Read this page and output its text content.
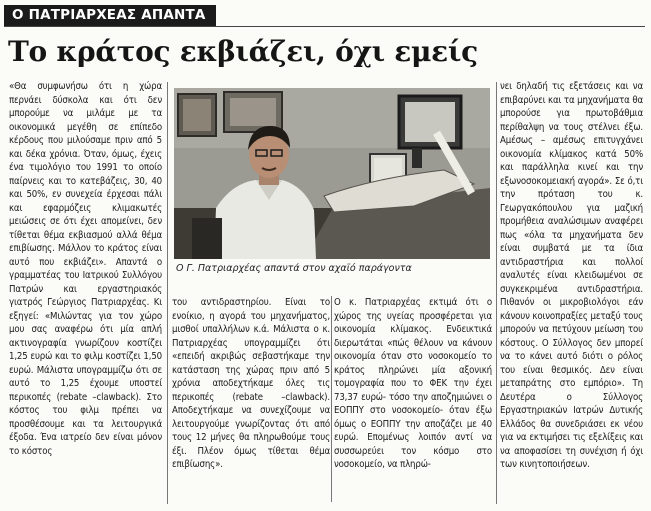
Ο ΠΑΤΡΙΑΡΧΕΑΣ ΑΠΑΝΤΑ
Το κράτος εκβιάζει, όχι εμείς

«Θα συμφωνήσω ότι η χώρα περνάει δύσκολα και ότι δεν μπορούμε να μιλάμε με τα οικονομικά μεγέθη σε επίπεδο κέρδους που μιλούσαμε πριν από 5 και δέκα χρόνια. Όταν, όμως, έχεις ένα τιμολόγιο του 1991 το οποίο παίρνεις και το κατεβάζεις, 30, 40 και 50%, εν συνεχεία έρχεσαι πάλι και εφαρμόζεις κλιμακωτές μειώσεις σε ότι έχει απομείνει, δεν τίθεται θέμα εκβιασμού αλλά θέμα επιβίωσης. Μάλλον το κράτος είναι αυτό που εκβιάζει». Απαντά ο γραμματέας του Ιατρικού Συλλόγου Πατρών και εργαστηριακός γιατρός Γεώργιος Πατριαρχέας. Κι εξηγεί: «Μιλώντας για τον χώρο μου σας αναφέρω ότι μία απλή ακτινογραφία γνωρίζουν κοστίζει 1,25 ευρώ και το φιλμ κοστίζει 1,50 ευρώ. Μάλιστα υπογραμμίζω ότι σε αυτό το 1,25 έχουμε υποστεί περικοπές (rebate –clawback). Στο κόστος του φιλμ πρέπει να προσθέσουμε και τα λειτουργικά έξοδα. Ένα ιατρείο δεν είναι μόνον το κόστος

Ο Γ. Πατριαρχέας απαντά στον αχαϊό παράγοντα

του αντιδραστηρίου. Είναι το ενοίκιο, η αγορά του μηχανήματος, μισθοί υπαλλήλων κ.ά. Μάλιστα ο κ. Πατριαρχέας υπογραμμίζει ότι «επειδή ακριβώς σεβαστήκαμε την κατάσταση της χώρας πριν από 5 χρόνια αποδεχτήκαμε όλες τις περικοπές (rebate –clawback). Αποδεχτήκαμε να συνεχίζουμε να λειτουργούμε γνωρίζοντας ότι από τους 12 μήνες θα πληρωθούμε τους έξι. Πλέον όμως τίθεται θέμα επιβίωσης».

Ο κ. Πατριαρχέας εκτιμά ότι ο χώρος της υγείας προσφέρεται για οικονομία κλίμακος. Ενδεικτικά διερωτάται «πώς θέλουν να κάνουν οικονομία όταν στο νοσοκομείο το κράτος πληρώνει μία αξονική τομογραφία που το ΦΕΚ την έχει 73,37 ευρώ- τόσο την αποζημιώνει ο ΕΟΠΠΥ στο νοσοκομείο- όταν έξω όμως ο ΕΟΠΠΥ την αποζάζει με 40 ευρώ. Επομένως λοιπόν αντί να συσσωρεύει τον κόσμο στο νοσοκομείο, να πληρώ-

νει δηλαδή τις εξετάσεις και να επιβαρύνει και τα μηχανήματα θα μπορούσε για πρωτοβάθμια περίθαλψη να τους στέλνει έξω. Αμέσως – αμέσως επιτυγχάνει οικονομία κλίμακος κατά 50% και παράλληλα κινεί και την εξωνοσοκομειακή αγορά». Σε ό,τι την πρόταση του κ. Γεωργακόπουλου για μαζική προμήθεια αναλώσιμων αναφέρει πως «όλα τα μηχανήματα δεν είναι συμβατά με τα ίδια αντιδραστήρια και πολλοί αναλυτές είναι κλειδωμένοι σε συγκεκριμένα αντιδραστήρια. Πιθανόν οι μικροβιολόγοι εάν κάνουν κοινοπραξίες μεταξύ τους μπορούν να πετύχουν μείωση του κόστους. Ο Σύλλογος δεν μπορεί να το κάνει αυτό διότι ο ρόλος του είναι θεσμικός. Δεν είναι μεταπράτης στο εμπόριο». Τη Δευτέρα ο Σύλλογος Εργαστηριακών Ιατρών Δυτικής Ελλάδος θα συνεδριάσει εκ νέου για να εκτιμήσει τις εξελίξεις και να αποφασίσει τη συνέχιση ή όχι των κινητοποιήσεων.
